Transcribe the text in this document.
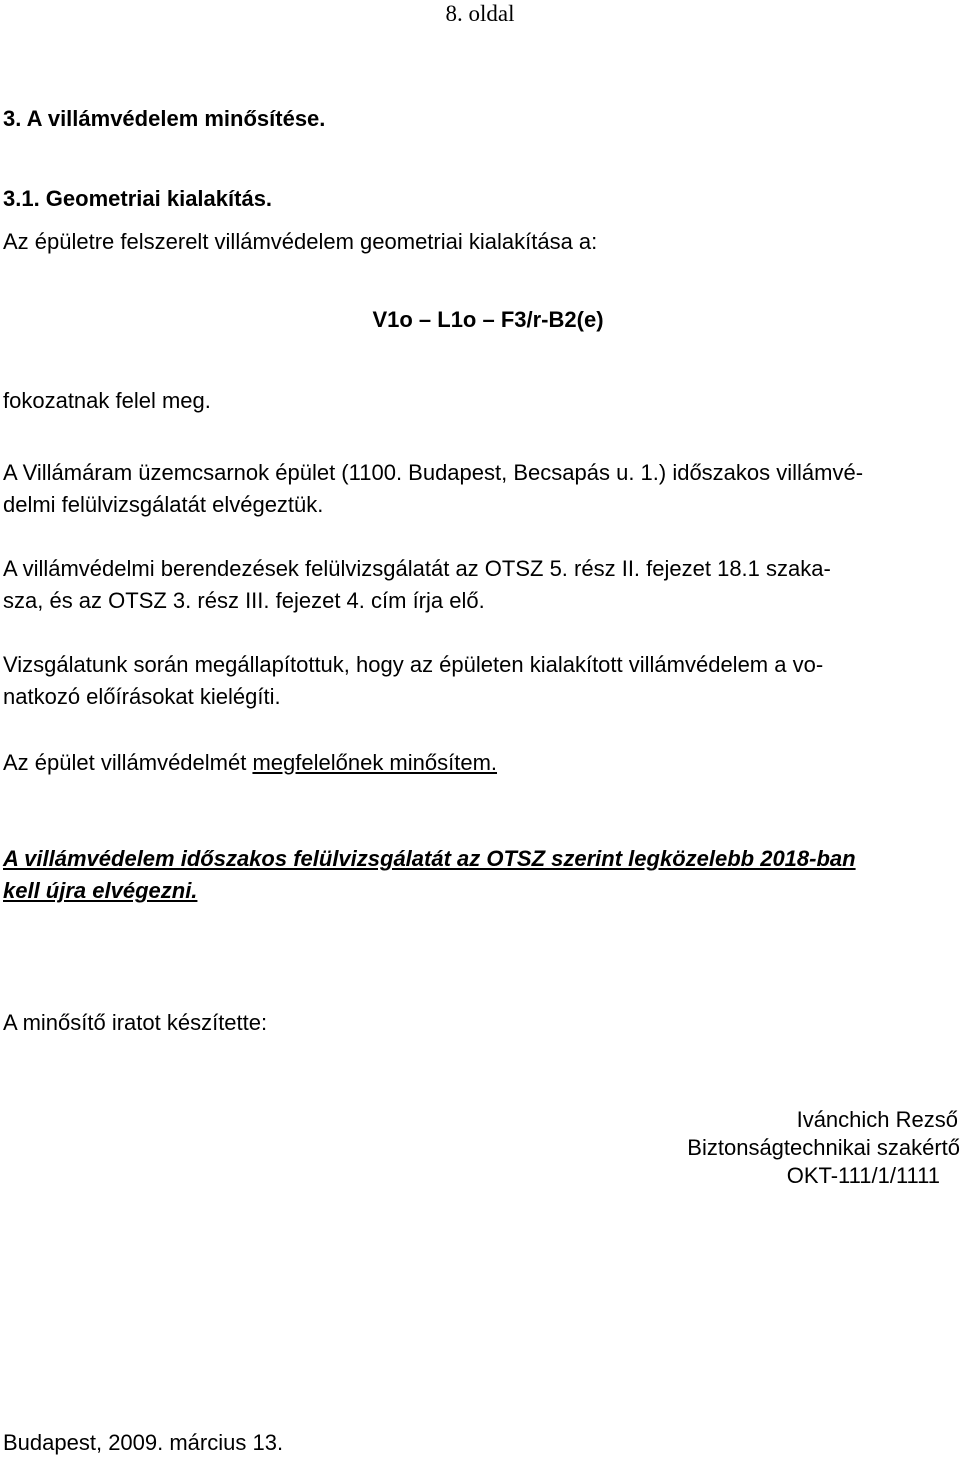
8. oldal
3. A villámvédelem minősítése.
3.1. Geometriai kialakítás.
Az épületre felszerelt villámvédelem geometriai kialakítása a:
V1o – L1o – F3/r-B2(e)
fokozatnak felel meg.
A Villámáram üzemcsarnok épület (1100. Budapest, Becsapás u. 1.) időszakos villámvé-
delmi felülvizsgálatát elvégeztük.
A villámvédelmi berendezések felülvizsgálatát az OTSZ 5. rész II. fejezet 18.1 szaka-
sza, és az OTSZ 3. rész III. fejezet 4. cím írja elő.
Vizsgálatunk során megállapítottuk, hogy az épületen kialakított villámvédelem a vo-
natkozó előírásokat kielégíti.
Az épület villámvédelmét megfelelőnek minősítem.
A villámvédelem időszakos felülvizsgálatát az OTSZ szerint legközelebb 2018-ban
kell újra elvégezni.
A minősítő iratot készítette:
Ivánchich Rezső
Biztonságtechnikai szakértő
OKT-111/1/1111
Budapest, 2009. március 13.
